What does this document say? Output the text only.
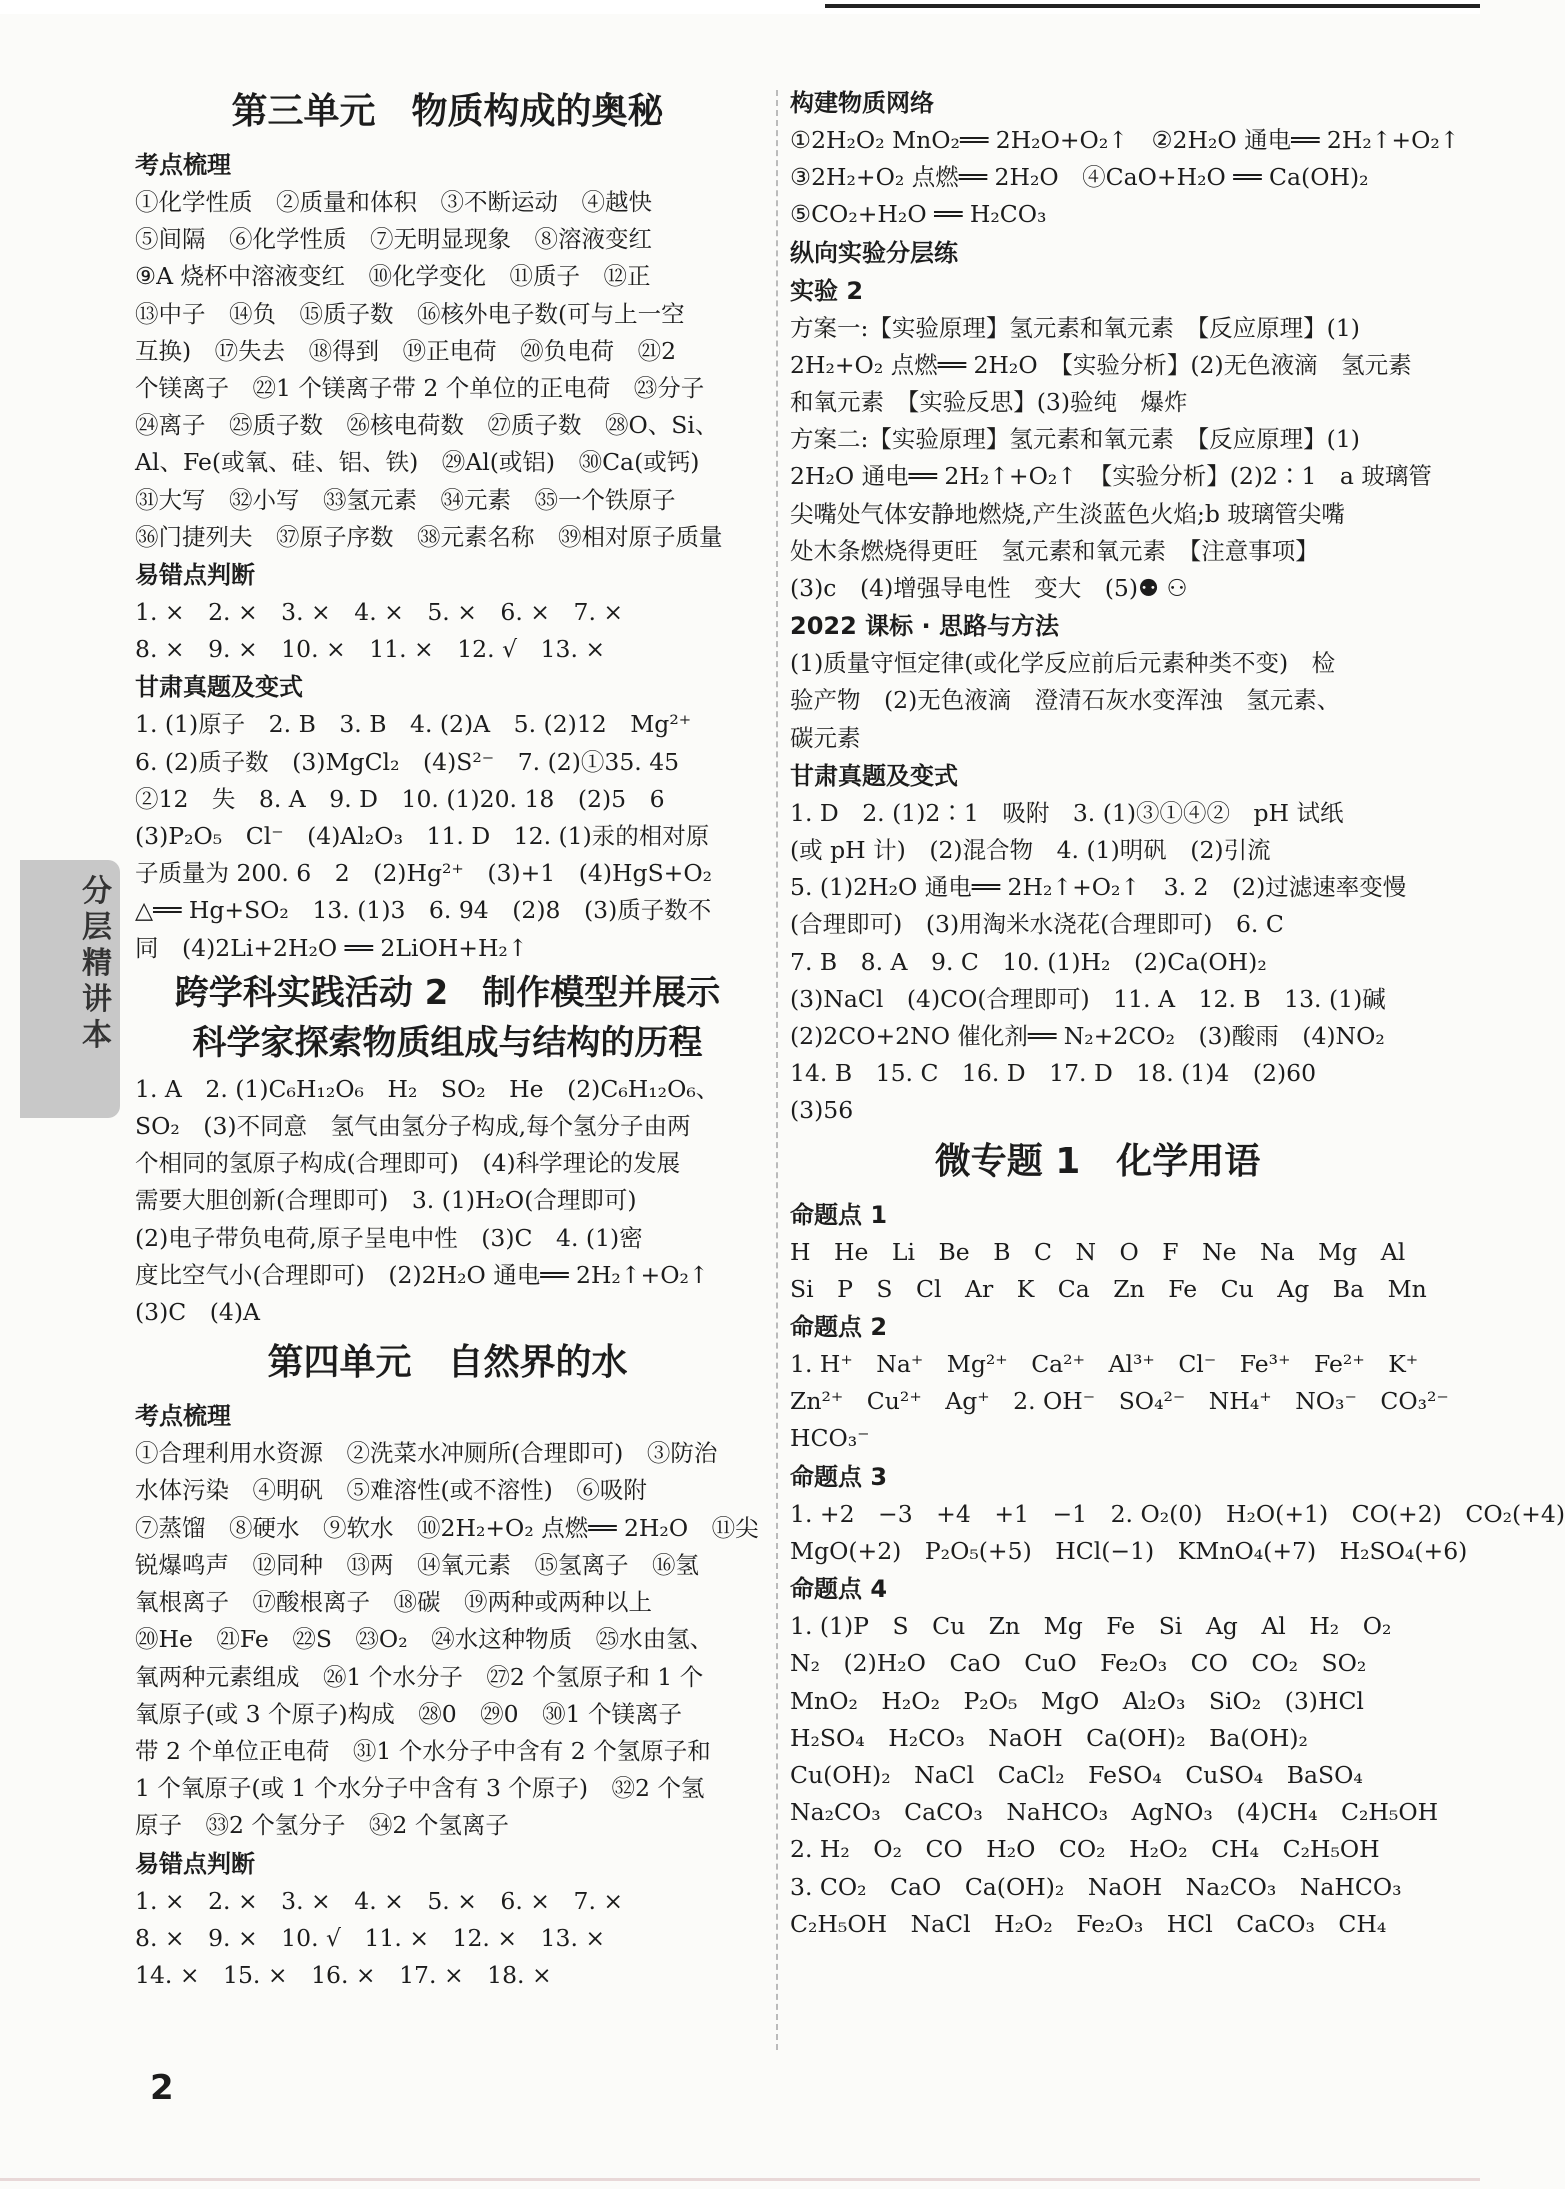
第三单元　物质构成的奥秘
考点梳理
①化学性质　②质量和体积　③不断运动　④越快
⑤间隔　⑥化学性质　⑦无明显现象　⑧溶液变红
⑨A 烧杯中溶液变红　⑩化学变化　⑪质子　⑫正
⑬中子　⑭负　⑮质子数　⑯核外电子数(可与上一空
互换)　⑰失去　⑱得到　⑲正电荷　⑳负电荷　㉑2
个镁离子　㉒1 个镁离子带 2 个单位的正电荷　㉓分子
㉔离子　㉕质子数　㉖核电荷数　㉗质子数　㉘O、Si、
Al、Fe(或氧、硅、铝、铁)　㉙Al(或铝)　㉚Ca(或钙)
㉛大写　㉜小写　㉝氢元素　㉞元素　㉟一个铁原子
㊱门捷列夫　㊲原子序数　㊳元素名称　㊴相对原子质量
易错点判断
1. ×　2. ×　3. ×　4. ×　5. ×　6. ×　7. ×
8. ×　9. ×　10. ×　11. ×　12. √　13. ×
甘肃真题及变式
1. (1)原子　2. B　3. B　4. (2)A　5. (2)12　Mg²⁺
6. (2)质子数　(3)MgCl₂　(4)S²⁻　7. (2)①35. 45
②12　失　8. A　9. D　10. (1)20. 18　(2)5　6
(3)P₂O₅　Cl⁻　(4)Al₂O₃　11. D　12. (1)汞的相对原
子质量为 200. 6　2　(2)Hg²⁺　(3)+1　(4)HgS+O₂
△══ Hg+SO₂　13. (1)3　6. 94　(2)8　(3)质子数不
同　(4)2Li+2H₂O ══ 2LiOH+H₂↑
跨学科实践活动 2　制作模型并展示
科学家探索物质组成与结构的历程
1. A　2. (1)C₆H₁₂O₆　H₂　SO₂　He　(2)C₆H₁₂O₆、
SO₂　(3)不同意　氢气由氢分子构成,每个氢分子由两
个相同的氢原子构成(合理即可)　(4)科学理论的发展
需要大胆创新(合理即可)　3. (1)H₂O(合理即可)
(2)电子带负电荷,原子呈电中性　(3)C　4. (1)密
度比空气小(合理即可)　(2)2H₂O 通电══ 2H₂↑+O₂↑
(3)C　(4)A
第四单元　自然界的水
考点梳理
①合理利用水资源　②洗菜水冲厕所(合理即可)　③防治
水体污染　④明矾　⑤难溶性(或不溶性)　⑥吸附
⑦蒸馏　⑧硬水　⑨软水　⑩2H₂+O₂ 点燃══ 2H₂O　⑪尖
锐爆鸣声　⑫同种　⑬两　⑭氧元素　⑮氢离子　⑯氢
氧根离子　⑰酸根离子　⑱碳　⑲两种或两种以上
⑳He　㉑Fe　㉒S　㉓O₂　㉔水这种物质　㉕水由氢、
氧两种元素组成　㉖1 个水分子　㉗2 个氢原子和 1 个
氧原子(或 3 个原子)构成　㉘0　㉙0　㉚1 个镁离子
带 2 个单位正电荷　㉛1 个水分子中含有 2 个氢原子和
1 个氧原子(或 1 个水分子中含有 3 个原子)　㉜2 个氢
原子　㉝2 个氢分子　㉞2 个氢离子
易错点判断
1. ×　2. ×　3. ×　4. ×　5. ×　6. ×　7. ×
8. ×　9. ×　10. √　11. ×　12. ×　13. ×
14. ×　15. ×　16. ×　17. ×　18. ×
构建物质网络
①2H₂O₂ MnO₂══ 2H₂O+O₂↑　②2H₂O 通电══ 2H₂↑+O₂↑
③2H₂+O₂ 点燃══ 2H₂O　④CaO+H₂O ══ Ca(OH)₂
⑤CO₂+H₂O ══ H₂CO₃
纵向实验分层练
实验 2
方案一:【实验原理】氢元素和氧元素　【反应原理】(1)
2H₂+O₂ 点燃══ 2H₂O　【实验分析】(2)无色液滴　氢元素
和氧元素　【实验反思】(3)验纯　爆炸
方案二:【实验原理】氢元素和氧元素　【反应原理】(1)
2H₂O 通电══ 2H₂↑+O₂↑　【实验分析】(2)2∶1　a 玻璃管
尖嘴处气体安静地燃烧,产生淡蓝色火焰;b 玻璃管尖嘴
处木条燃烧得更旺　氢元素和氧元素　【注意事项】
(3)c　(4)增强导电性　变大　(5)⚉ ⚇
2022 课标 · 思路与方法
(1)质量守恒定律(或化学反应前后元素种类不变)　检
验产物　(2)无色液滴　澄清石灰水变浑浊　氢元素、
碳元素
甘肃真题及变式
1. D　2. (1)2∶1　吸附　3. (1)③①④②　pH 试纸
(或 pH 计)　(2)混合物　4. (1)明矾　(2)引流
5. (1)2H₂O 通电══ 2H₂↑+O₂↑　3. 2　(2)过滤速率变慢
(合理即可)　(3)用淘米水浇花(合理即可)　6. C
7. B　8. A　9. C　10. (1)H₂　(2)Ca(OH)₂
(3)NaCl　(4)CO(合理即可)　11. A　12. B　13. (1)碱
(2)2CO+2NO 催化剂══ N₂+2CO₂　(3)酸雨　(4)NO₂
14. B　15. C　16. D　17. D　18. (1)4　(2)60
(3)56
微专题 1　化学用语
命题点 1
H　He　Li　Be　B　C　N　O　F　Ne　Na　Mg　Al
Si　P　S　Cl　Ar　K　Ca　Zn　Fe　Cu　Ag　Ba　Mn
命题点 2
1. H⁺　Na⁺　Mg²⁺　Ca²⁺　Al³⁺　Cl⁻　Fe³⁺　Fe²⁺　K⁺
Zn²⁺　Cu²⁺　Ag⁺　2. OH⁻　SO₄²⁻　NH₄⁺　NO₃⁻　CO₃²⁻
HCO₃⁻
命题点 3
1. +2　−3　+4　+1　−1　2. O₂(0)　H₂O(+1)　CO(+2)　CO₂(+4)
MgO(+2)　P₂O₅(+5)　HCl(−1)　KMnO₄(+7)　H₂SO₄(+6)
命题点 4
1. (1)P　S　Cu　Zn　Mg　Fe　Si　Ag　Al　H₂　O₂
N₂　(2)H₂O　CaO　CuO　Fe₂O₃　CO　CO₂　SO₂
MnO₂　H₂O₂　P₂O₅　MgO　Al₂O₃　SiO₂　(3)HCl
H₂SO₄　H₂CO₃　NaOH　Ca(OH)₂　Ba(OH)₂
Cu(OH)₂　NaCl　CaCl₂　FeSO₄　CuSO₄　BaSO₄
Na₂CO₃　CaCO₃　NaHCO₃　AgNO₃　(4)CH₄　C₂H₅OH
2. H₂　O₂　CO　H₂O　CO₂　H₂O₂　CH₄　C₂H₅OH
3. CO₂　CaO　Ca(OH)₂　NaOH　Na₂CO₃　NaHCO₃
C₂H₅OH　NaCl　H₂O₂　Fe₂O₃　HCl　CaCO₃　CH₄
分层精讲本
2
